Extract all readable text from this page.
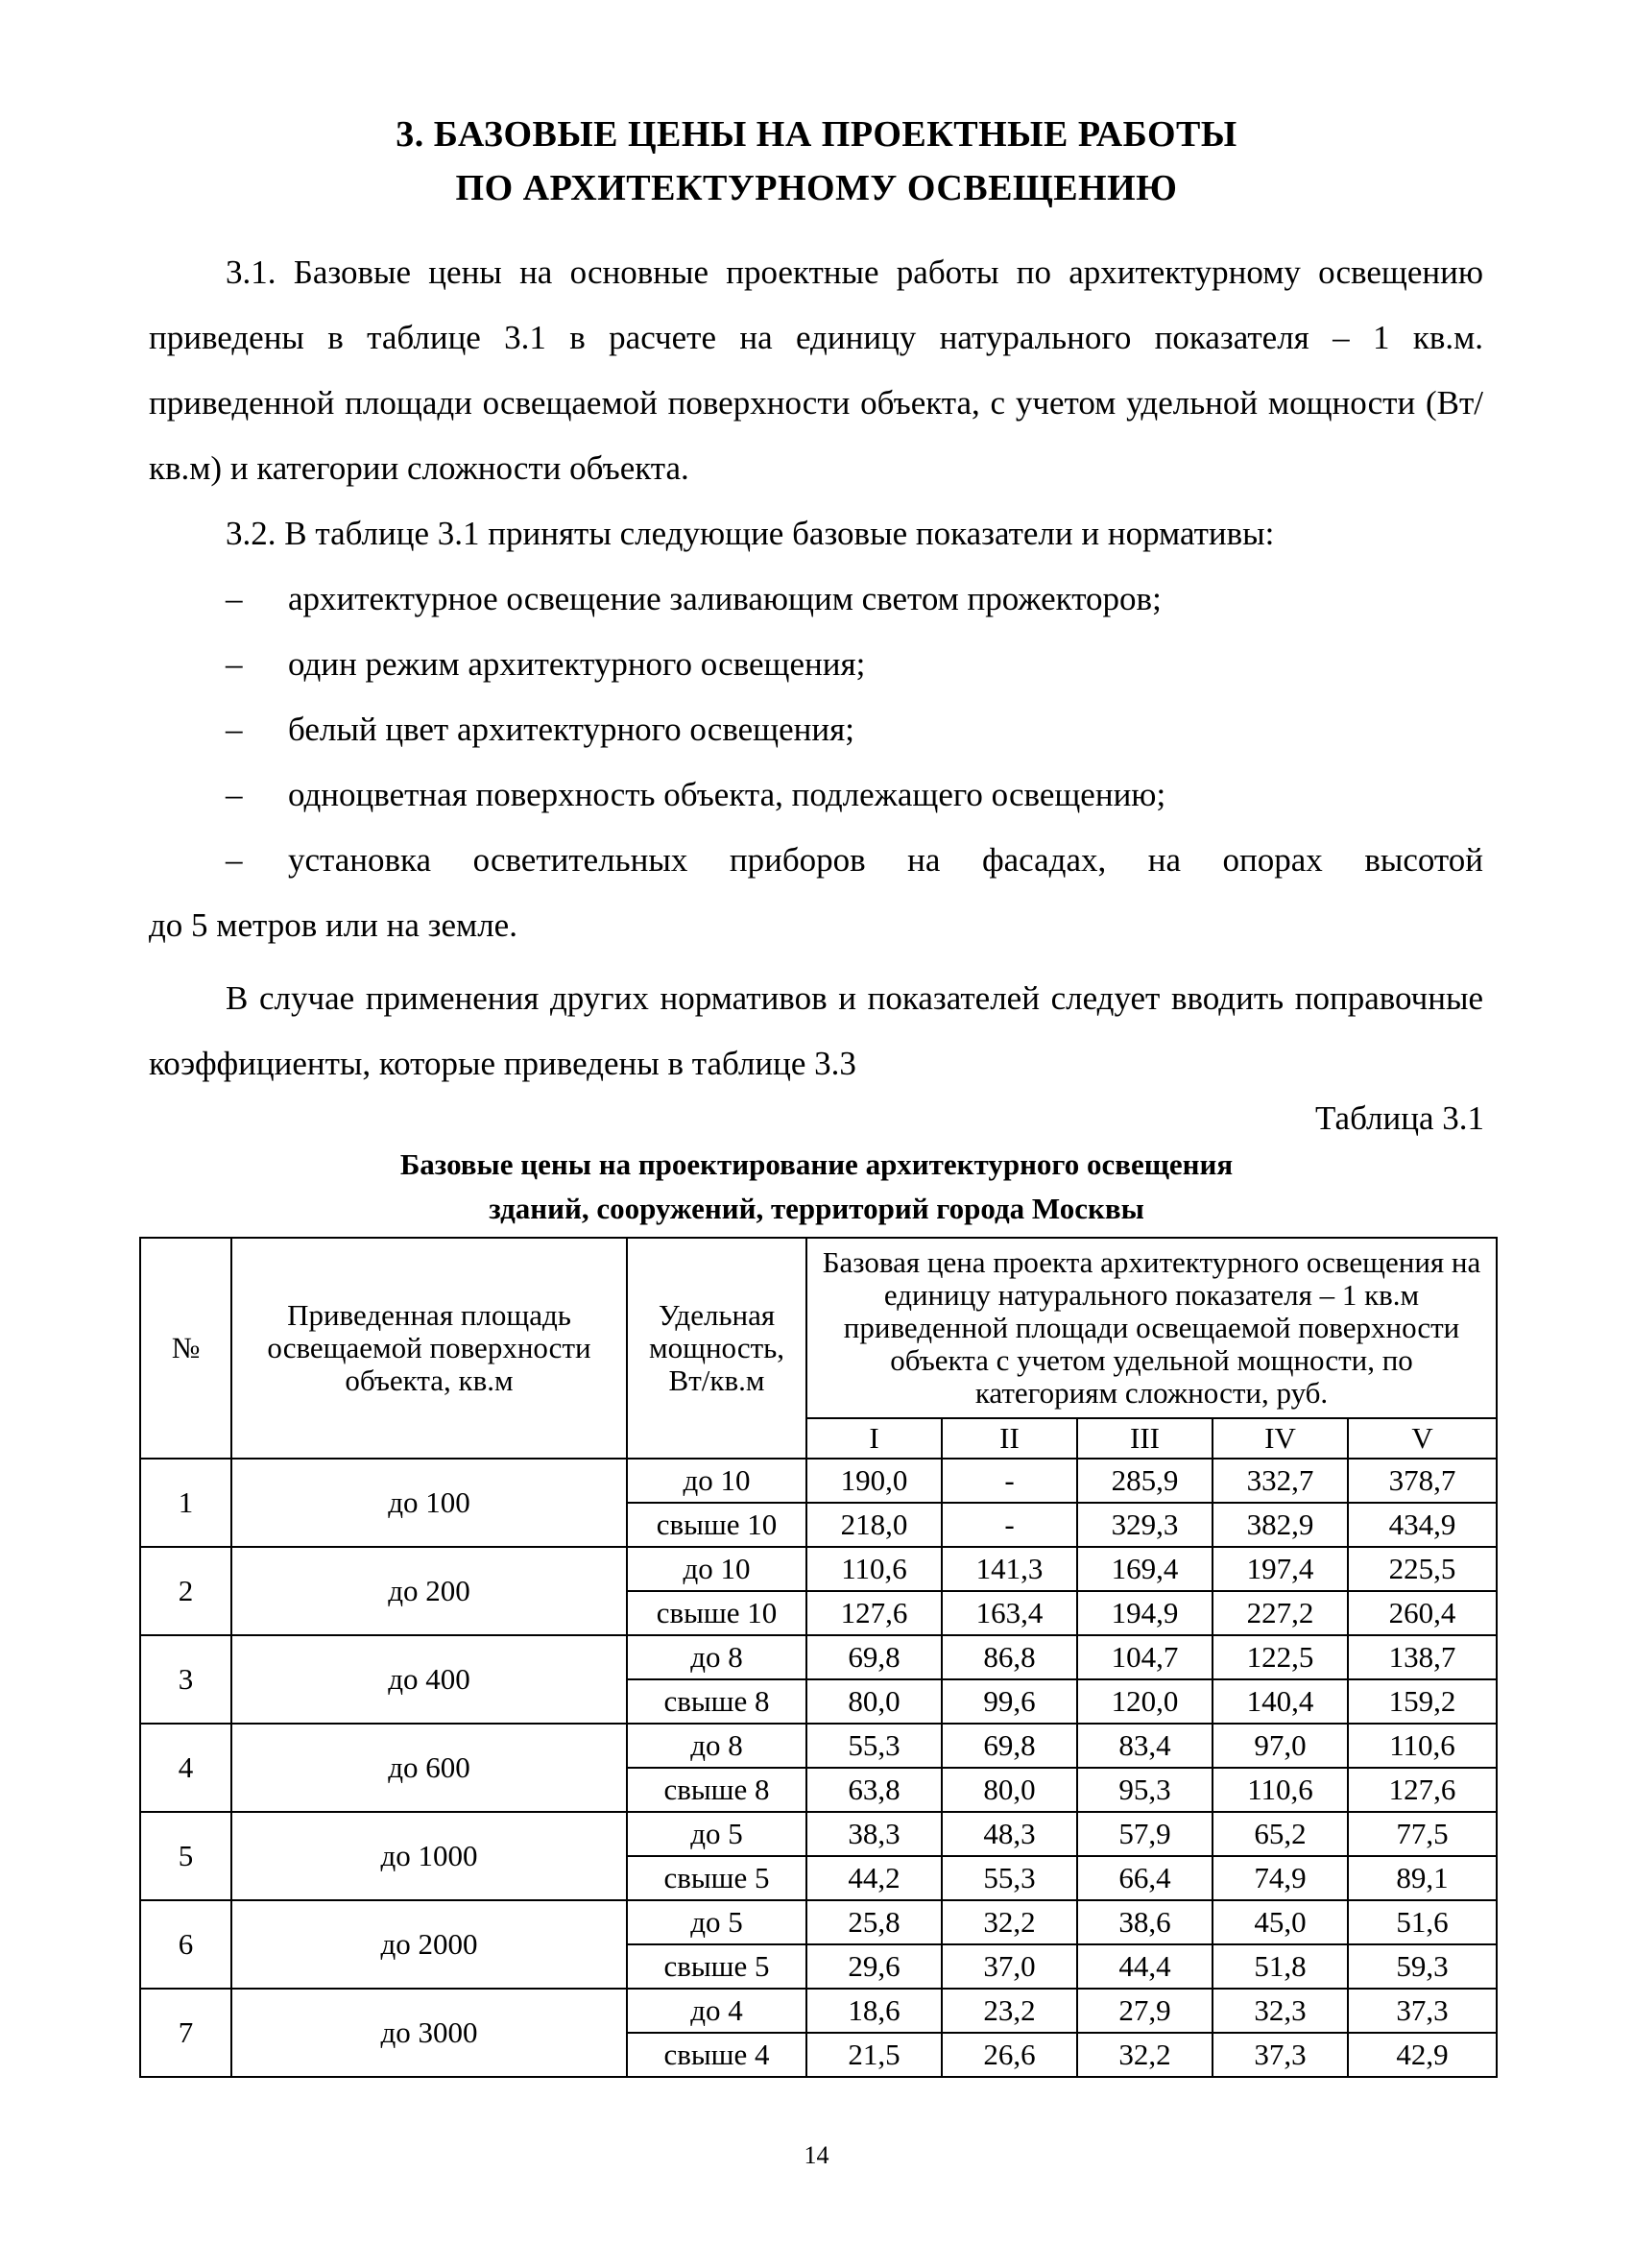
3. БАЗОВЫЕ ЦЕНЫ НА ПРОЕКТНЫЕ РАБОТЫ
ПО АРХИТЕКТУРНОМУ ОСВЕЩЕНИЮ
3.1. Базовые цены на основные проектные работы по архитектурному освещению приведены в таблице 3.1 в расчете на единицу натурального показателя – 1 кв.м. приведенной площади освещаемой поверхности объекта, с учетом удельной мощности (Вт/ кв.м) и категории сложности объекта.
3.2. В таблице 3.1 приняты следующие базовые показатели и нормативы:
–	архитектурное освещение заливающим светом прожекторов;
–	один режим архитектурного освещения;
–	белый цвет архитектурного освещения;
–	одноцветная поверхность объекта, подлежащего освещению;
–	установка осветительных приборов на фасадах, на опорах высотой
до 5 метров или на земле.
В случае применения других нормативов и показателей следует вводить поправочные коэффициенты, которые приведены в таблице 3.3
Таблица 3.1
Базовые цены на проектирование архитектурного освещения
зданий, сооружений, территорий города Москвы
№	Приведенная площадь освещаемой поверхности объекта, кв.м	Удельная мощность, Вт/кв.м	Базовая цена проекта архитектурного освещения на единицу натурального показателя – 1 кв.м приведенной площади освещаемой поверхности объекта с учетом удельной мощности, по категориям сложности, руб.				
			I	II	III	IV	V
1	до 100	до 10	190,0	-	285,9	332,7	378,7
		свыше 10	218,0	-	329,3	382,9	434,9
2	до 200	до 10	110,6	141,3	169,4	197,4	225,5
		свыше 10	127,6	163,4	194,9	227,2	260,4
3	до 400	до 8	69,8	86,8	104,7	122,5	138,7
		свыше 8	80,0	99,6	120,0	140,4	159,2
4	до 600	до 8	55,3	69,8	83,4	97,0	110,6
		свыше 8	63,8	80,0	95,3	110,6	127,6
5	до 1000	до 5	38,3	48,3	57,9	65,2	77,5
		свыше 5	44,2	55,3	66,4	74,9	89,1
6	до 2000	до 5	25,8	32,2	38,6	45,0	51,6
		свыше 5	29,6	37,0	44,4	51,8	59,3
7	до 3000	до 4	18,6	23,2	27,9	32,3	37,3
		свыше 4	21,5	26,6	32,2	37,3	42,9
14
